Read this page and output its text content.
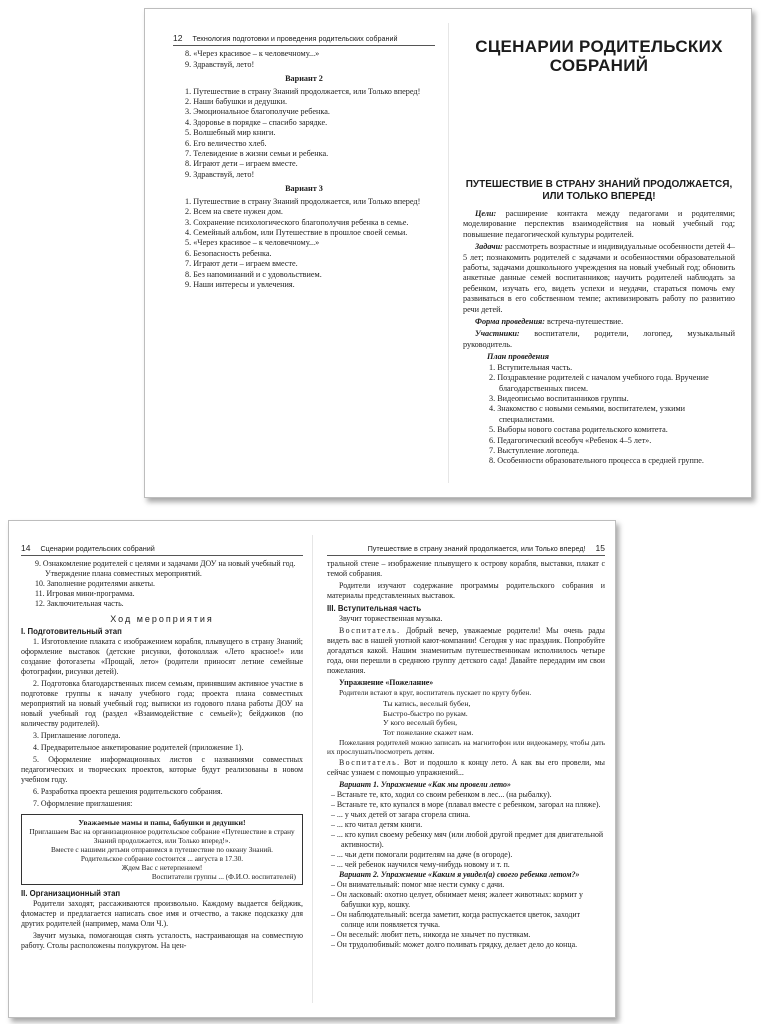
12 Технология подготовки и проведения родительских собраний
8. «Через красивое – к человечному...»
9. Здравствуй, лето!
Вариант 2
1. Путешествие в страну Знаний продолжается, или Только вперед!
2. Наши бабушки и дедушки.
3. Эмоциональное благополучие ребенка.
4. Здоровье в порядке – спасибо зарядке.
5. Волшебный мир книги.
6. Его величество хлеб.
7. Телевидение в жизни семьи и ребенка.
8. Играют дети – играем вместе.
9. Здравствуй, лето!
Вариант 3
1. Путешествие в страну Знаний продолжается, или Только вперед!
2. Всем на свете нужен дом.
3. Сохранение психологического благополучия ребенка в семье.
4. Семейный альбом, или Путешествие в прошлое своей семьи.
5. «Через красивое – к человечному...»
6. Безопасность ребенка.
7. Играют дети – играем вместе.
8. Без напоминаний и с удовольствием.
9. Наши интересы и увлечения.
СЦЕНАРИИ РОДИТЕЛЬСКИХ СОБРАНИЙ
ПУТЕШЕСТВИЕ В СТРАНУ ЗНАНИЙ ПРОДОЛЖАЕТСЯ, ИЛИ ТОЛЬКО ВПЕРЕД!

Цели: расширение контакта между педагогами и родителями; моделирование перспектив взаимодействия на новый учебный год; повышение педагогической культуры родителей.

Задачи: рассмотреть возрастные и индивидуальные особенности детей 4–5 лет; познакомить родителей с задачами и особенностями образовательной работы, задачами дошкольного учреждения на новый учебный год; обновить анкетные данные семей воспитанников; научить родителей наблюдать за ребенком, изучать его, видеть успехи и неудачи, стараться помочь ему развиваться в его собственном темпе; активизировать работу по развитию речи детей.

Форма проведения: встреча-путешествие.

Участники: воспитатели, родители, логопед, музыкальный руководитель.

План проведения
1. Вступительная часть.
2. Поздравление родителей с началом учебного года. Вручение благодарственных писем.
3. Видеописьмо воспитанников группы.
4. Знакомство с новыми семьями, воспитателем, узкими специалистами.
5. Выборы нового состава родительского комитета.
6. Педагогический всеобуч «Ребенок 4–5 лет».
7. Выступление логопеда.
8. Особенности образовательного процесса в средней группе.
14 Сценарии родительских собраний
9. Ознакомление родителей с целями и задачами ДОУ на новый учебный год. Утверждение плана совместных мероприятий.
10. Заполнение родителями анкеты.
11. Игровая мини-программа.
12. Заключительная часть.
Ход мероприятия
I. Подготовительный этап

1. Изготовление плаката с изображением корабля, плывущего в страну Знаний; оформление выставок (детские рисунки, фотоколлаж «Лето красное!» или создание фотогазеты «Прощай, лето» (родители приносят летние семейные фотографии, рисунки детей).

2. Подготовка благодарственных писем семьям, принявшим активное участие в подготовке группы к началу учебного года; проекта плана совместных мероприятий на новый учебный год; выписки из годового плана работы ДОУ на новый учебный год (раздел «Взаимодействие с семьей»); бейджиков (по количеству родителей).

3. Приглашение логопеда.

4. Предварительное анкетирование родителей (приложение 1).

5. Оформление информационных листов с названиями совместных педагогических и творческих проектов, которые будут реализованы в новом учебном году.

6. Разработка проекта решения родительского собрания.

7. Оформление приглашения:

Уважаемые мамы и папы, бабушки и дедушки!
Приглашаем Вас на организационное родительское собрание «Путешествие в страну Знаний продолжается, или Только вперед!».
Вместе с нашими детьми отправимся в путешествие по океану Знаний.
Родительское собрание состоится ... августа в 17.30.
Ждем Вас с нетерпением!
Воспитатели группы ... (Ф.И.О. воспитателей)
II. Организационный этап

Родители заходят, рассаживаются произвольно. Каждому выдается бейджик, фломастер и предлагается написать свое имя и отчество, а также подсказку для других родителей (например, мама Оли Ч.).

Звучит музыка, помогающая снять усталость, настраивающая на совместную работу. Столы расположены полукругом. На цен-

Путешествие в страну знаний продолжается, или Только вперед! 15

тральной стене – изображение плывущего к острову корабля, выставки, плакат с темой собрания.

Родители изучают содержание программы родительского собрания и материалы представленных выставок.

III. Вступительная часть

Звучит торжественная музыка.

Воспитатель. Добрый вечер, уважаемые родители! Мы очень рады видеть вас в нашей уютной кают-компании! Сегодня у нас праздник. Попробуйте догадаться какой. Нашим знаменитым путешественникам исполнилось четыре года, они перешли в среднюю группу детского сада! Давайте передадим им свои пожелания.

Упражнение «Пожелание»

Родители встают в круг, воспитатель пускает по кругу бубен.

Ты катись, веселый бубен,
Быстро-быстро по рукам.
У кого веселый бубен,
Тот пожелание скажет нам.

Пожелания родителей можно записать на магнитофон или видеокамеру, чтобы дать их прослушать/посмотреть детям.

Воспитатель. Вот и подошло к концу лето. А как вы его провели, мы сейчас узнаем с помощью упражнений...

Вариант 1. Упражнение «Как мы провели лето»
– Встаньте те, кто, ходил со своим ребенком в лес... (на рыбалку).
– Встаньте те, кто купался в море (плавал вместе с ребенком, загорал на пляже).
– ... у чьих детей от загара сгорела спина.
– ... кто читал детям книги.
– ... кто купил своему ребенку мяч (или любой другой предмет для двигательной активности).
– ... чьи дети помогали родителям на даче (в огороде).
– ... чей ребенок научился чему-нибудь новому и т. п.
Вариант 2. Упражнение «Каким я увидел(а) своего ребенка летом?»
– Он внимательный: помог мне нести сумку с дачи.
– Он ласковый: охотно целует, обнимает меня; жалеет животных: кормит у бабушки кур, кошку.
– Он наблюдательный: всегда заметит, когда распускается цветок, заходит солнце или появляется тучка.
– Он веселый: любит петь, никогда не хнычет по пустякам.
– Он трудолюбивый: может долго поливать грядку, делает дело до конца.
